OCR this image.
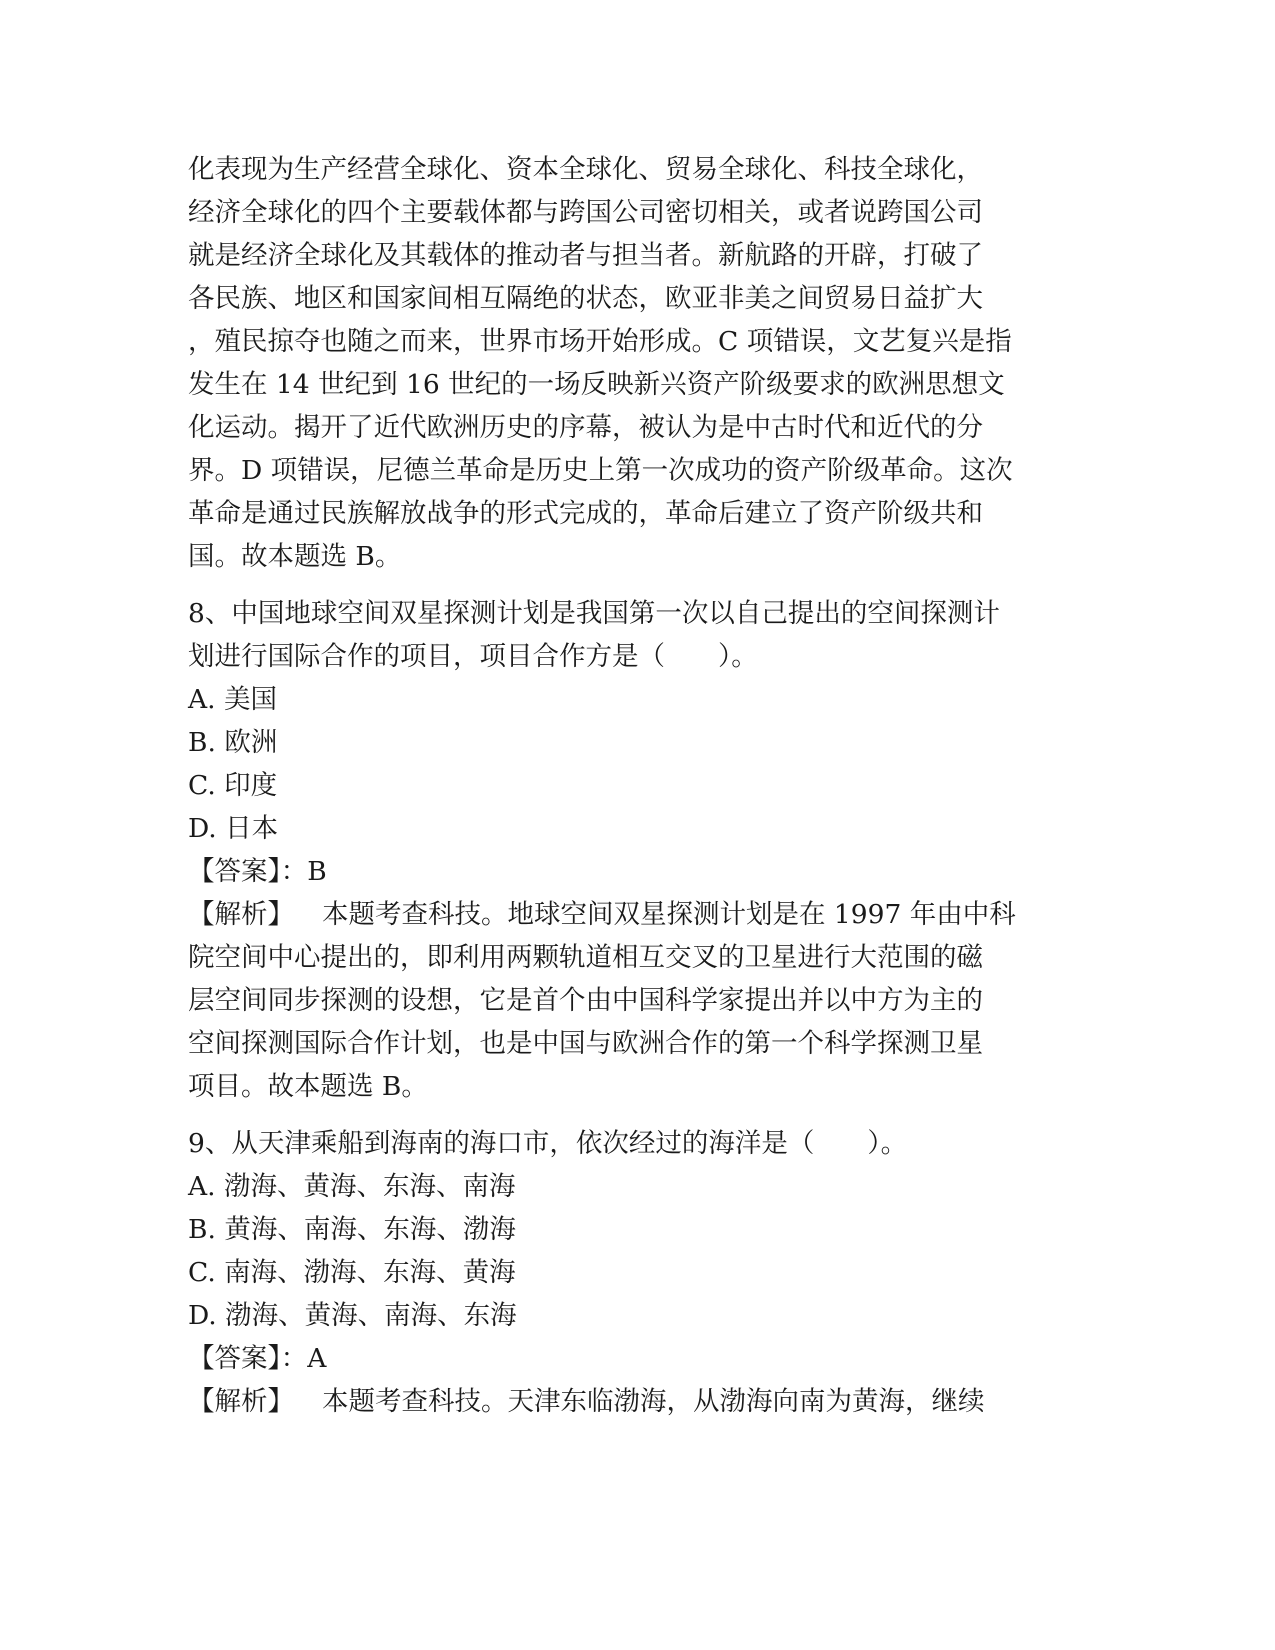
化表现为生产经营全球化、资本全球化、贸易全球化、科技全球化，
经济全球化的四个主要载体都与跨国公司密切相关，或者说跨国公司
就是经济全球化及其载体的推动者与担当者。新航路的开辟，打破了
各民族、地区和国家间相互隔绝的状态，欧亚非美之间贸易日益扩大
，殖民掠夺也随之而来，世界市场开始形成。C 项错误，文艺复兴是指
发生在 14 世纪到 16 世纪的一场反映新兴资产阶级要求的欧洲思想文
化运动。揭开了近代欧洲历史的序幕，被认为是中古时代和近代的分
界。D 项错误，尼德兰革命是历史上第一次成功的资产阶级革命。这次
革命是通过民族解放战争的形式完成的，革命后建立了资产阶级共和
国。故本题选 B。
8、中国地球空间双星探测计划是我国第一次以自己提出的空间探测计
划进行国际合作的项目，项目合作方是（　　）。
A. 美国
B. 欧洲
C. 印度
D. 日本
【答案】：B
【解析】 本题考查科技。地球空间双星探测计划是在 1997 年由中科
院空间中心提出的，即利用两颗轨道相互交叉的卫星进行大范围的磁
层空间同步探测的设想，它是首个由中国科学家提出并以中方为主的
空间探测国际合作计划，也是中国与欧洲合作的第一个科学探测卫星
项目。故本题选 B。
9、从天津乘船到海南的海口市，依次经过的海洋是（　　）。
A. 渤海、黄海、东海、南海
B. 黄海、南海、东海、渤海
C. 南海、渤海、东海、黄海
D. 渤海、黄海、南海、东海
【答案】：A
【解析】 本题考查科技。天津东临渤海，从渤海向南为黄海，继续
